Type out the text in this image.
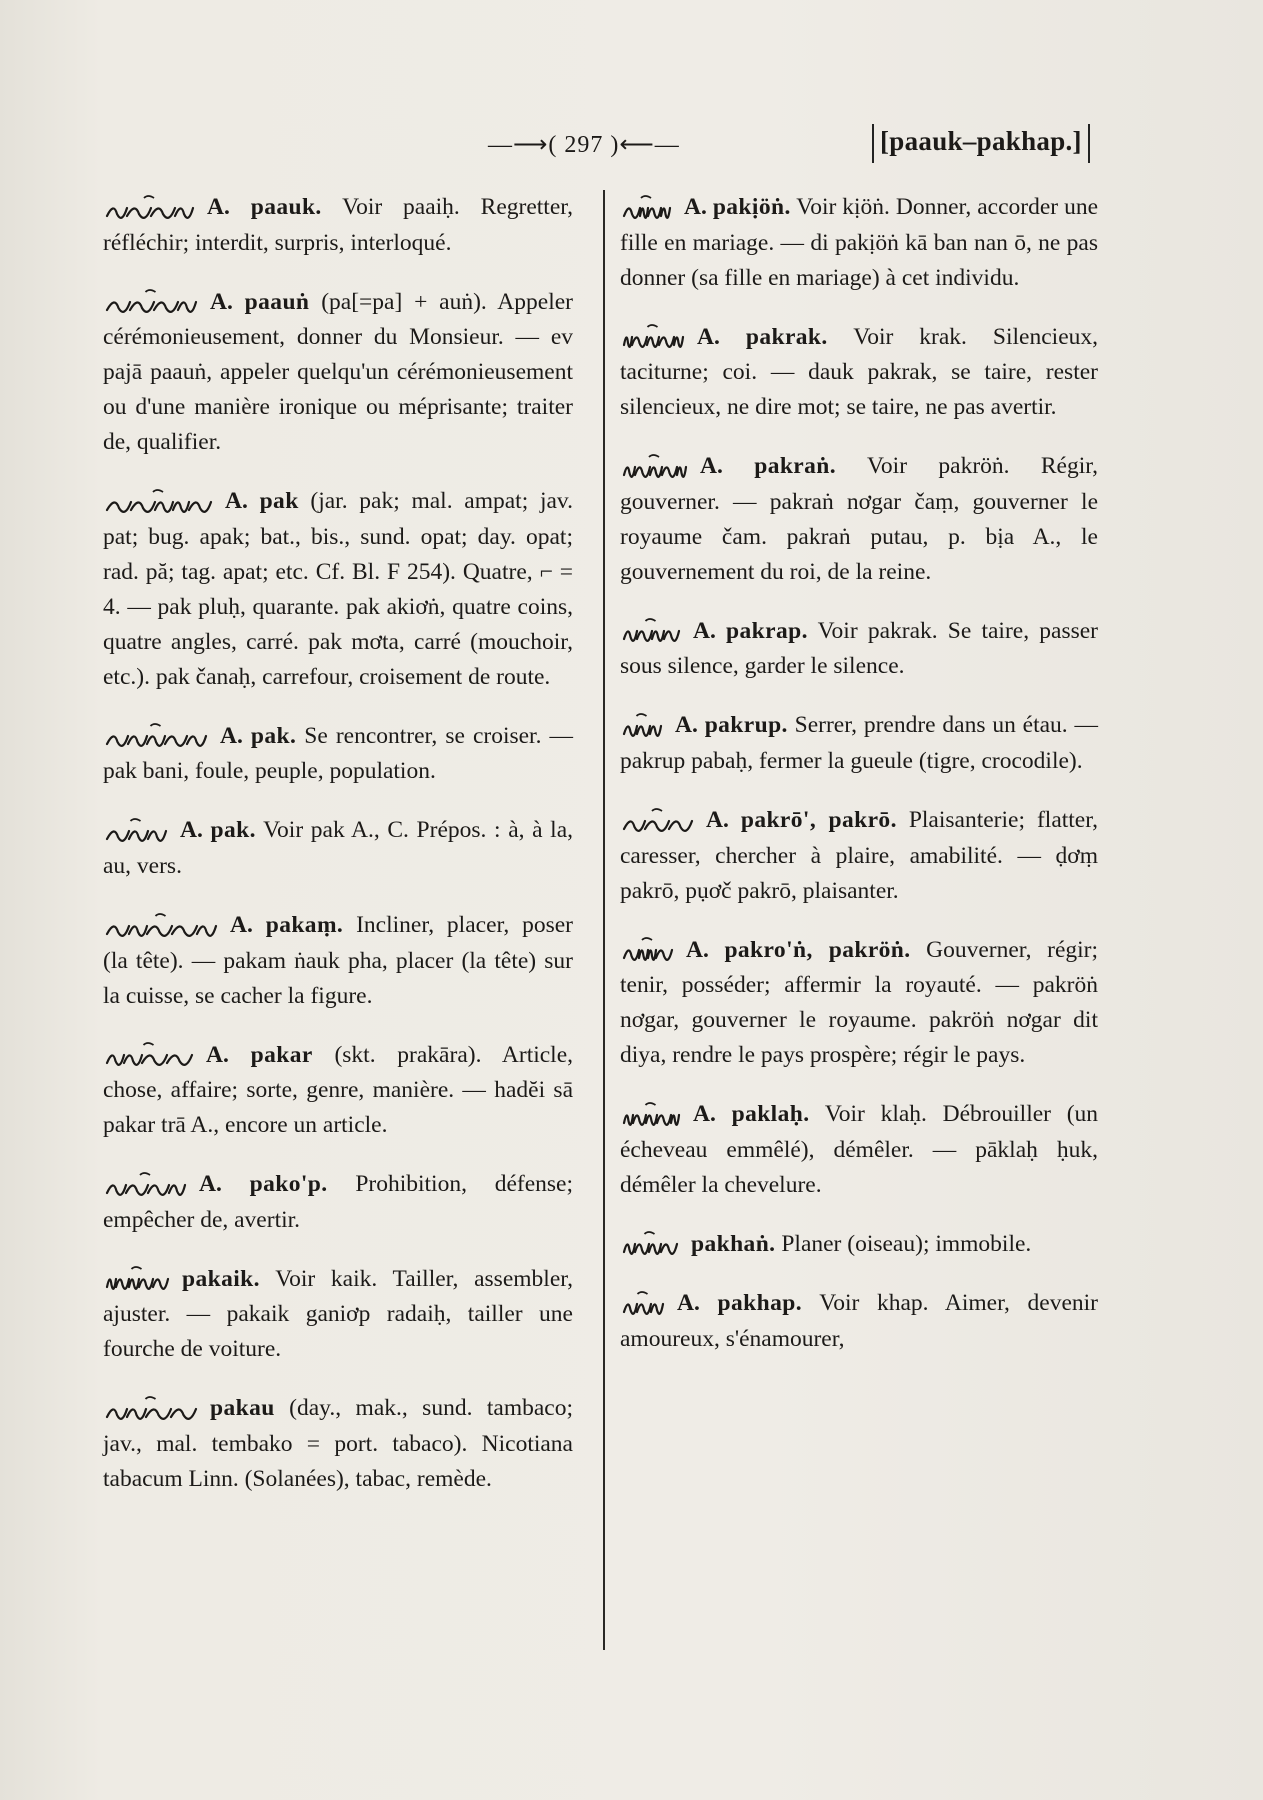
—⟶( 297 )⟵—	[paauk–pakhap.]

A. paauk. Voir paaiḥ. Regretter, réfléchir; interdit, surpris, interloqué.

A. paauṅ (pa[=pa] + auṅ). Appeler cérémonieusement, donner du Monsieur. — ev pajā paauṅ, appeler quelqu'un cérémonieusement ou d'une manière ironique ou méprisante; traiter de, qualifier.

A. pak (jar. pak; mal. ampat; jav. pat; bug. apak; bat., bis., sund. opat; day. opat; rad. pă; tag. apat; etc. Cf. Bl. F 254). Quatre, ⌐ = 4. — pak pluḥ, quarante. pak akiơṅ, quatre coins, quatre angles, carré. pak mơta, carré (mouchoir, etc.). pak čanaḥ, carrefour, croisement de route.

A. pak. Se rencontrer, se croiser. — pak bani, foule, peuple, population.

A. pak. Voir pak A., C. Prépos. : à, à la, au, vers.

A. pakaṃ. Incliner, placer, poser (la tête). — pakam ṅauk pha, placer (la tête) sur la cuisse, se cacher la figure.

A. pakar (skt. prakāra). Article, chose, affaire; sorte, genre, manière. — hadĕi sā pakar trā A., encore un article.

A. pako'p. Prohibition, défense; empêcher de, avertir.

pakaik. Voir kaik. Tailler, assembler, ajuster. — pakaik ganiơp radaiḥ, tailler une fourche de voiture.

pakau (day., mak., sund. tambaco; jav., mal. tembako = port. tabaco). Nicotiana tabacum Linn. (Solanées), tabac, remède.

A. pakịöṅ. Voir kịöṅ. Donner, accorder une fille en mariage. — di pakịöṅ kā ban nan ō, ne pas donner (sa fille en mariage) à cet individu.

A. pakrak. Voir krak. Silencieux, taciturne; coi. — dauk pakrak, se taire, rester silencieux, ne dire mot; se taire, ne pas avertir.

A. pakraṅ. Voir pakröṅ. Régir, gouverner. — pakraṅ nơgar čaṃ, gouverner le royaume čam. pakraṅ putau, p. bịa A., le gouvernement du roi, de la reine.

A. pakrap. Voir pakrak. Se taire, passer sous silence, garder le silence.

A. pakrup. Serrer, prendre dans un étau. — pakrup pabaḥ, fermer la gueule (tigre, crocodile).

A. pakrō', pakrō. Plaisanterie; flatter, caresser, chercher à plaire, amabilité. — ḍơṃ pakrō, pụơč pakrō, plaisanter.

A. pakro'ṅ, pakröṅ. Gouverner, régir; tenir, posséder; affermir la royauté. — pakröṅ nơgar, gouverner le royaume. pakröṅ nơgar dit diya, rendre le pays prospère; régir le pays.

A. paklaḥ. Voir klaḥ. Débrouiller (un écheveau emmêlé), démêler. — pāklaḥ ḥuk, démêler la chevelure.

pakhaṅ. Planer (oiseau); immobile.

A. pakhap. Voir khap. Aimer, devenir amoureux, s'énamourer,
